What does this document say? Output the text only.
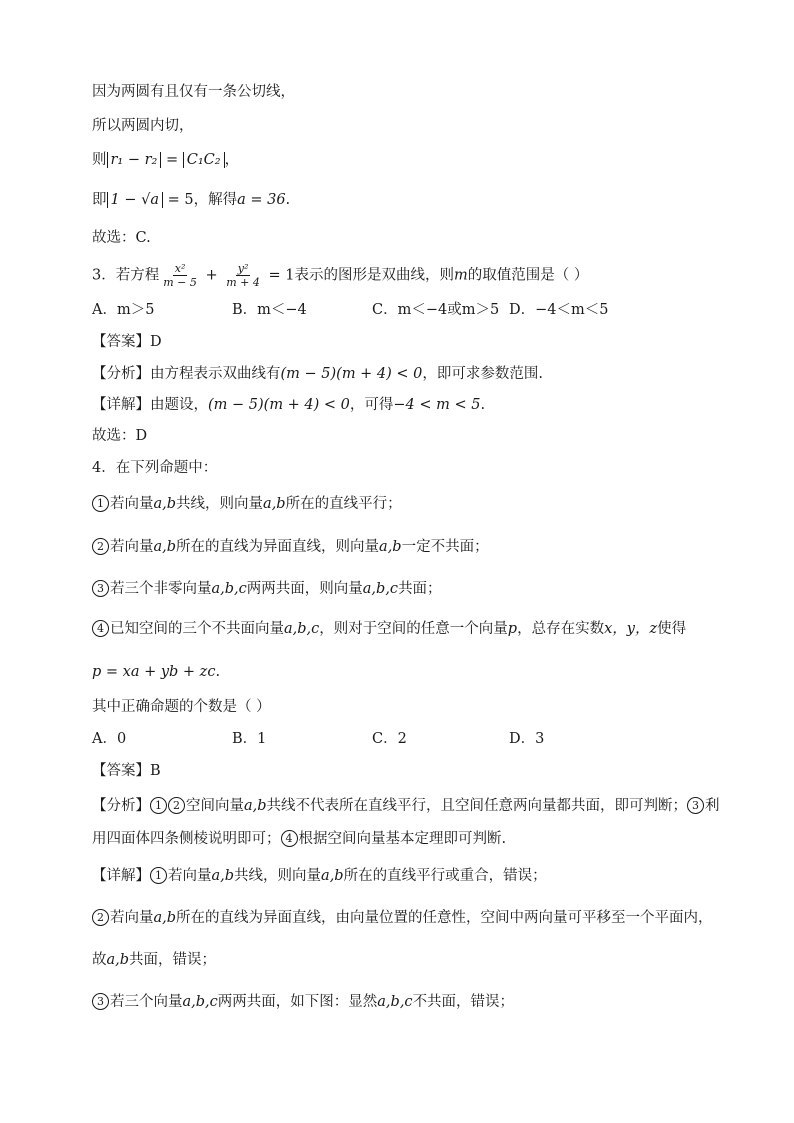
因为两圆有且仅有一条公切线，
所以两圆内切，
则 r₁ − r₂ = C₁C₂ ，
即 1 − √a = 5，解得a = 36.
故选：C.
3．若方程 $\frac{\text{x²}}{m - 5} + \frac{\text{y²}}{m + 4} = 1$表示的图形是双曲线，则m的取值范围是（ ）
A．m＞5	B．m＜−4	C．m＜−4或m＞5 D．−4＜m＜5
【答案】D
【分析】由方程表示双曲线有(m − 5)(m + 4) < 0，即可求参数范围.
【详解】由题设，(m − 5)(m + 4) < 0，可得−4 < m < 5.
故选：D
4．在下列命题中：
1 若向量a,b共线，则向量a,b所在的直线平行；
2 若向量a,b所在的直线为异面直线，则向量a,b一定不共面；
3 若三个非零向量a,b,c两两共面，则向量a,b,c共面；
4 已知空间的三个不共面向量a,b,c，则对于空间的任意一个向量p，总存在实数x，y，z使得
p = xa + yb + zc.
其中正确命题的个数是（ ）
A．0	B．1	C．2	D．3
【答案】B
【分析】 1 2 空间向量a,b共线不代表所在直线平行，且空间任意两向量都共面，即可判断； 3 利
用四面体四条侧棱说明即可； 4 根据空间向量基本定理即可判断.
【详解】 1 若向量a,b共线，则向量a,b所在的直线平行或重合，错误；
2 若向量a,b所在的直线为异面直线，由向量位置的任意性，空间中两向量可平移至一个平面内，
故a,b共面，错误；
3 若三个向量a,b,c两两共面，如下图：显然a,b,c不共面，错误；
